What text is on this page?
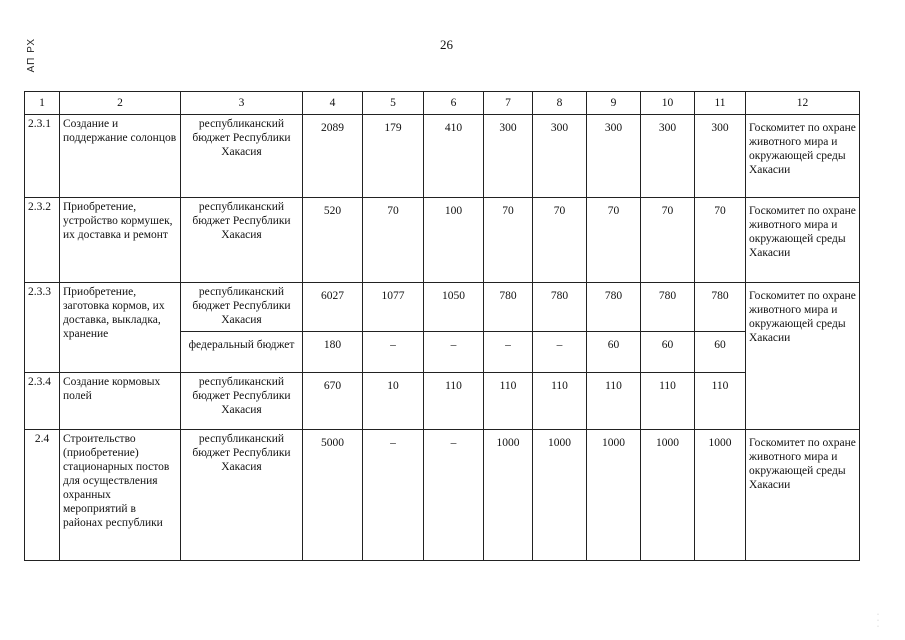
АП РХ	26
1	2	3	4	5	6	7	8	9	10	11	12
2.3.1	Создание и поддержание солонцов	республиканский бюджет Республики Хакасия	2089	179	410	300	300	300	300	300	Госкомитет по охране животного мира и окружающей среды Хакасии
2.3.2	Приобретение, устройство кормушек, их доставка и ремонт	республиканский бюджет Республики Хакасия	520	70	100	70	70	70	70	70	Госкомитет по охране животного мира и окружающей среды Хакасии
2.3.3	Приобретение, заготовка кормов, их доставка, выкладка, хранение	республиканский бюджет Республики Хакасия	6027	1077	1050	780	780	780	780	780	Госкомитет по охране животного мира и окружающей среды Хакасии
		федеральный бюджет	180	–	–	–	–	60	60	60	
2.3.4	Создание кормовых полей	республиканский бюджет Республики Хакасия	670	10	110	110	110	110	110	110	
2.4	Строительство (приобретение) стационарных постов для осуществления охранных мероприятий в районах республики	республиканский бюджет Республики Хакасия	5000	–	–	1000	1000	1000	1000	1000	Госкомитет по охране животного мира и окружающей среды Хакасии
·
·
·
